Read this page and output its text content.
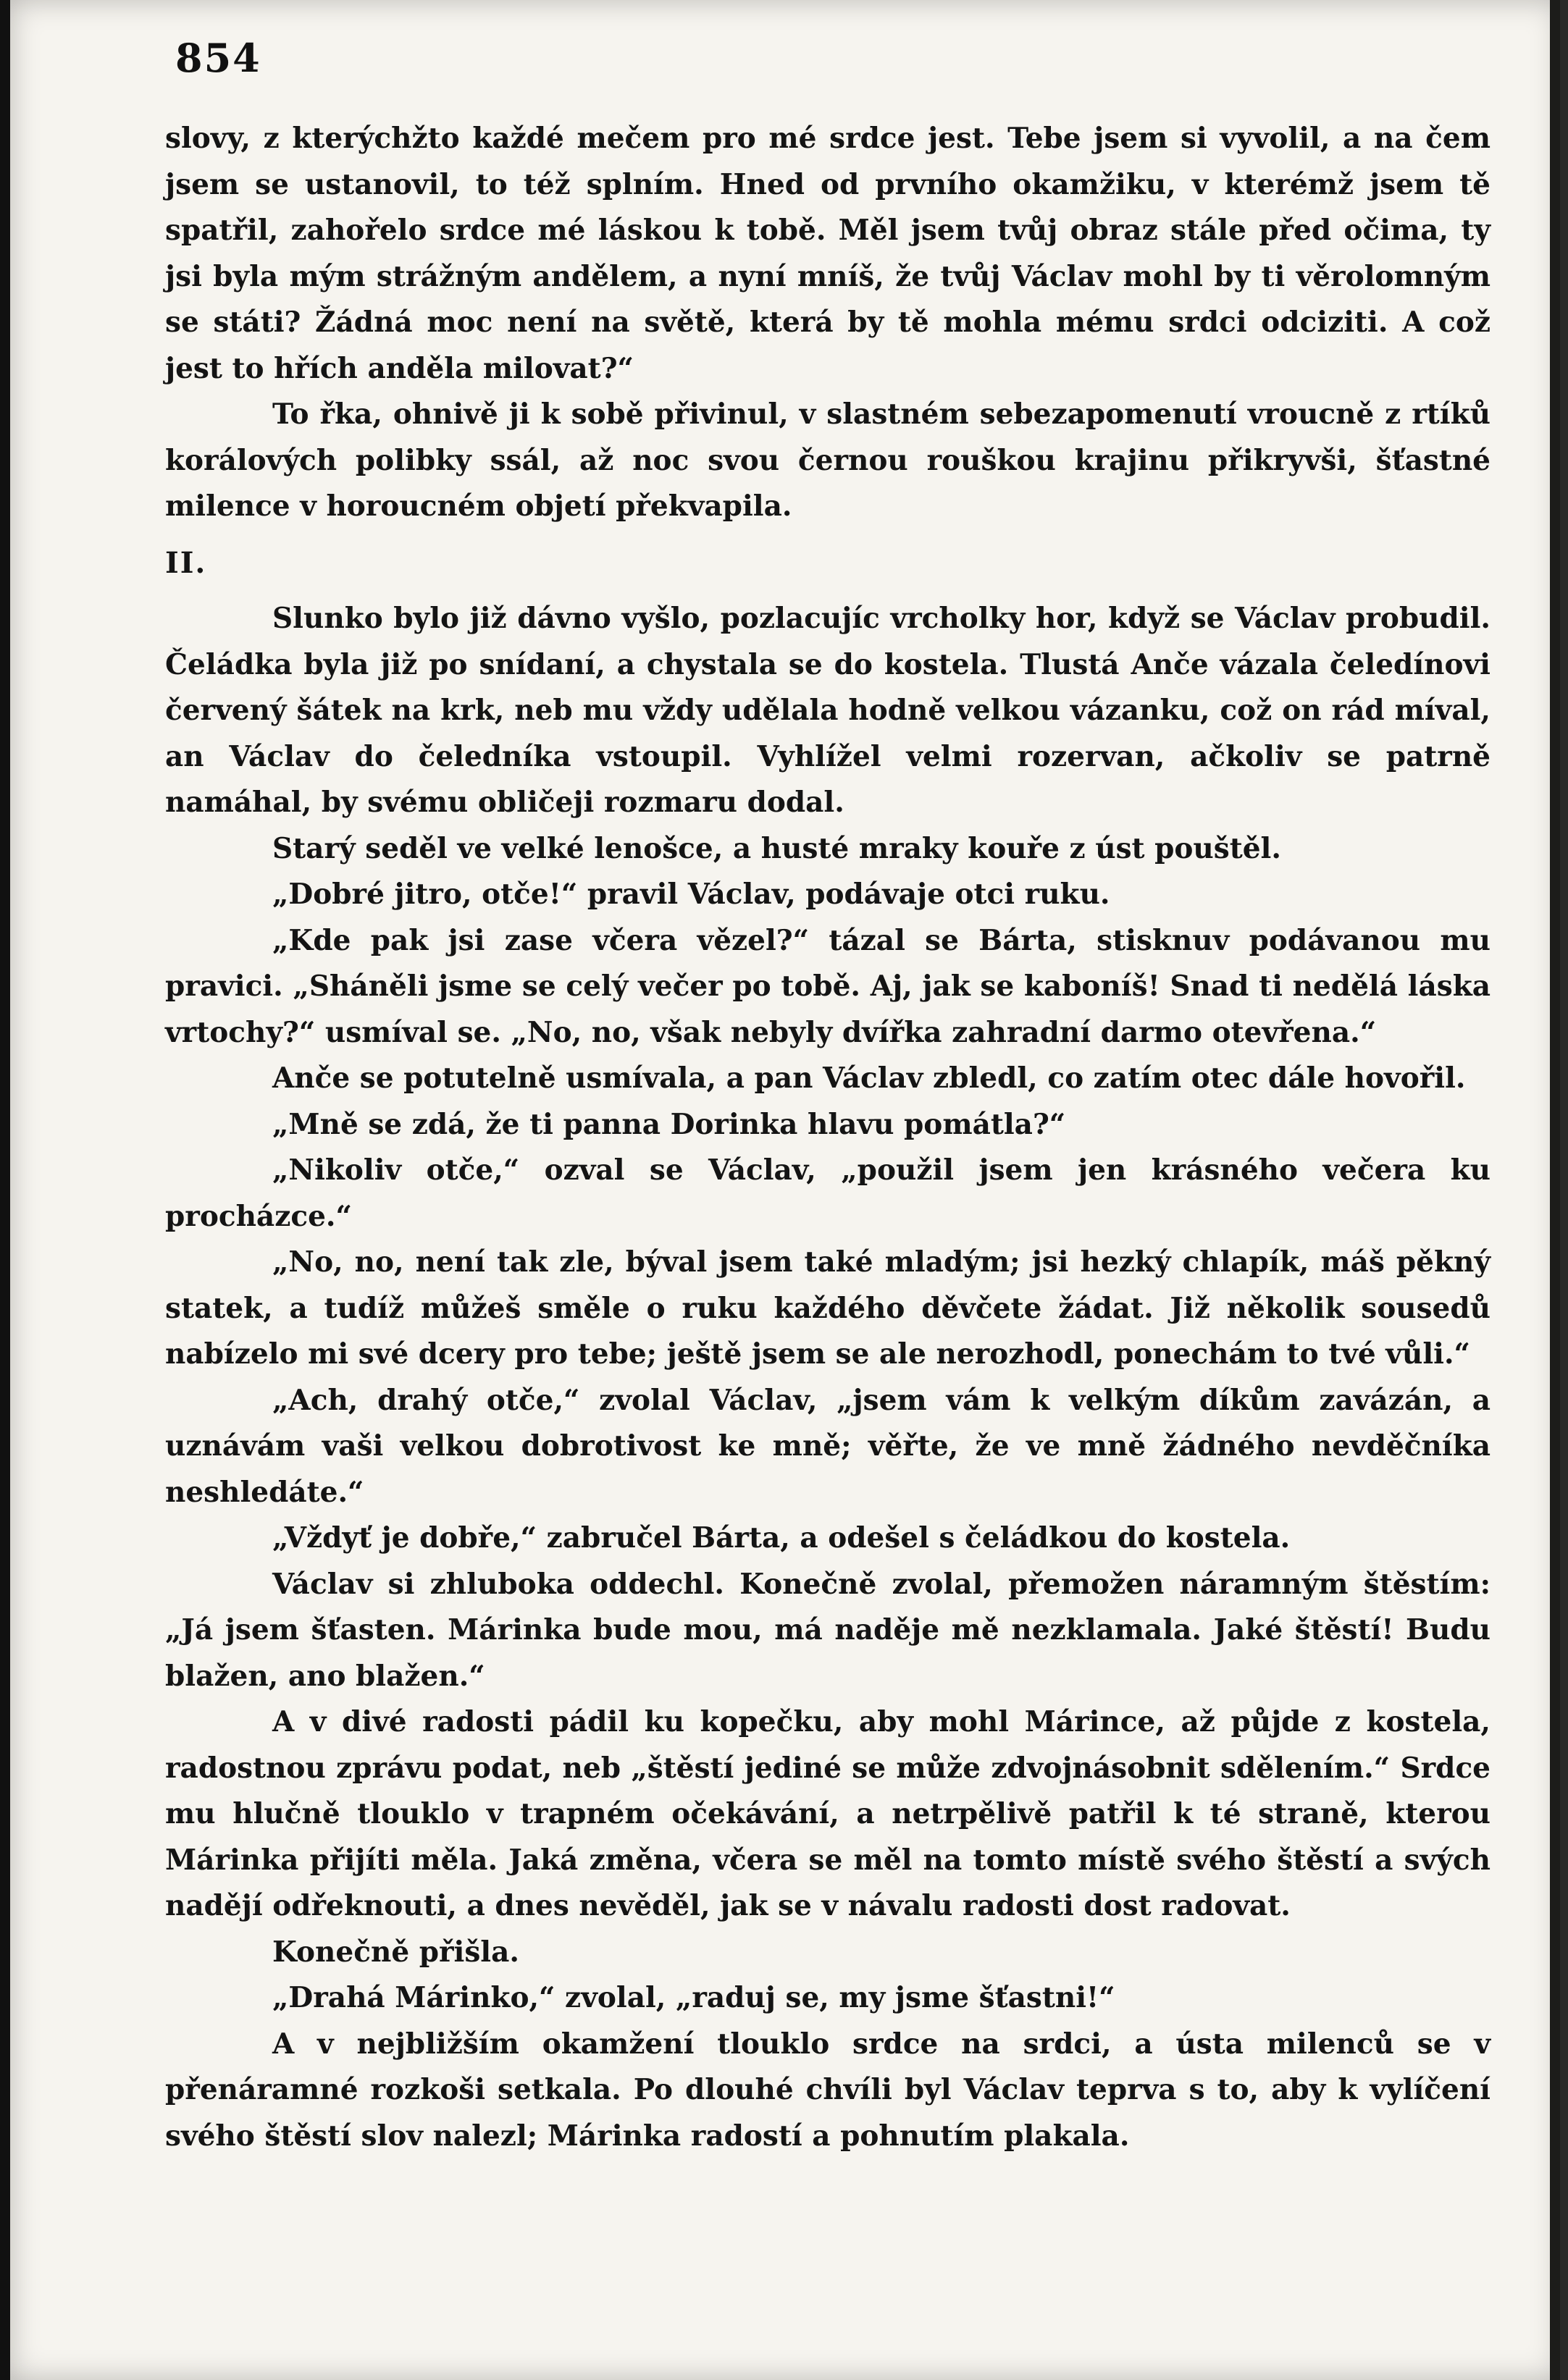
854

slovy, z kterýchžto každé mečem pro mé srdce jest. Tebe jsem si vyvolil, a na čem jsem se ustanovil, to též splním. Hned od prvního okamžiku, v kterémž jsem tě spatřil, zahořelo srdce mé láskou k tobě. Měl jsem tvůj obraz stále před očima, ty jsi byla mým strážným andělem, a nyní mníš, že tvůj Václav mohl by ti věrolomným se státi? Žádná moc není na světě, která by tě mohla mému srdci odciziti. A což jest to hřích anděla milovat?“

To řka, ohnivě ji k sobě přivinul, v slastném sebezapomenutí vroucně z rtíků korálových polibky ssál, až noc svou černou rouškou krajinu přikryvši, šťastné milence v horoucném objetí překvapila.

II.

Slunko bylo již dávno vyšlo, pozlacujíc vrcholky hor, když se Václav probudil. Čeládka byla již po snídaní, a chystala se do kostela. Tlustá Anče vázala čeledínovi červený šátek na krk, neb mu vždy udělala hodně velkou vázanku, což on rád míval, an Václav do čeledníka vstoupil. Vyhlížel velmi rozervan, ačkoliv se patrně namáhal, by svému obličeji rozmaru dodal.

Starý seděl ve velké lenošce, a husté mraky kouře z úst pouštěl.

„Dobré jitro, otče!“ pravil Václav, podávaje otci ruku.

„Kde pak jsi zase včera vězel?“ tázal se Bárta, stisknuv podávanou mu pravici. „Sháněli jsme se celý večer po tobě. Aj, jak se kaboníš! Snad ti nedělá láska vrtochy?“ usmíval se. „No, no, však nebyly dvířka zahradní darmo otevřena.“

Anče se potutelně usmívala, a pan Václav zbledl, co zatím otec dále hovořil.

„Mně se zdá, že ti panna Dorinka hlavu pomátla?“

„Nikoliv otče,“ ozval se Václav, „použil jsem jen krásného večera ku procházce.“

„No, no, není tak zle, býval jsem také mladým; jsi hezký chlapík, máš pěkný statek, a tudíž můžeš směle o ruku každého děvčete žádat. Již několik sousedů nabízelo mi své dcery pro tebe; ještě jsem se ale nerozhodl, ponechám to tvé vůli.“

„Ach, drahý otče,“ zvolal Václav, „jsem vám k velkým díkům zavázán, a uznávám vaši velkou dobrotivost ke mně; věřte, že ve mně žádného nevděčníka neshledáte.“

„Vždyť je dobře,“ zabručel Bárta, a odešel s čeládkou do kostela.

Václav si zhluboka oddechl. Konečně zvolal, přemožen náramným štěstím: „Já jsem šťasten. Márinka bude mou, má naděje mě nezklamala. Jaké štěstí! Budu blažen, ano blažen.“

A v divé radosti pádil ku kopečku, aby mohl Márince, až půjde z kostela, radostnou zprávu podat, neb „štěstí jediné se může zdvojnásobnit sdělením.“ Srdce mu hlučně tlouklo v trapném očekávání, a netrpělivě patřil k té straně, kterou Márinka přijíti měla. Jaká změna, včera se měl na tomto místě svého štěstí a svých nadějí odřeknouti, a dnes nevěděl, jak se v návalu radosti dost radovat.

Konečně přišla.

„Drahá Márinko,“ zvolal, „raduj se, my jsme šťastni!“

A v nejbližším okamžení tlouklo srdce na srdci, a ústa milenců se v přenáramné rozkoši setkala. Po dlouhé chvíli byl Václav teprva s to, aby k vylíčení svého štěstí slov nalezl; Márinka radostí a pohnutím plakala.
